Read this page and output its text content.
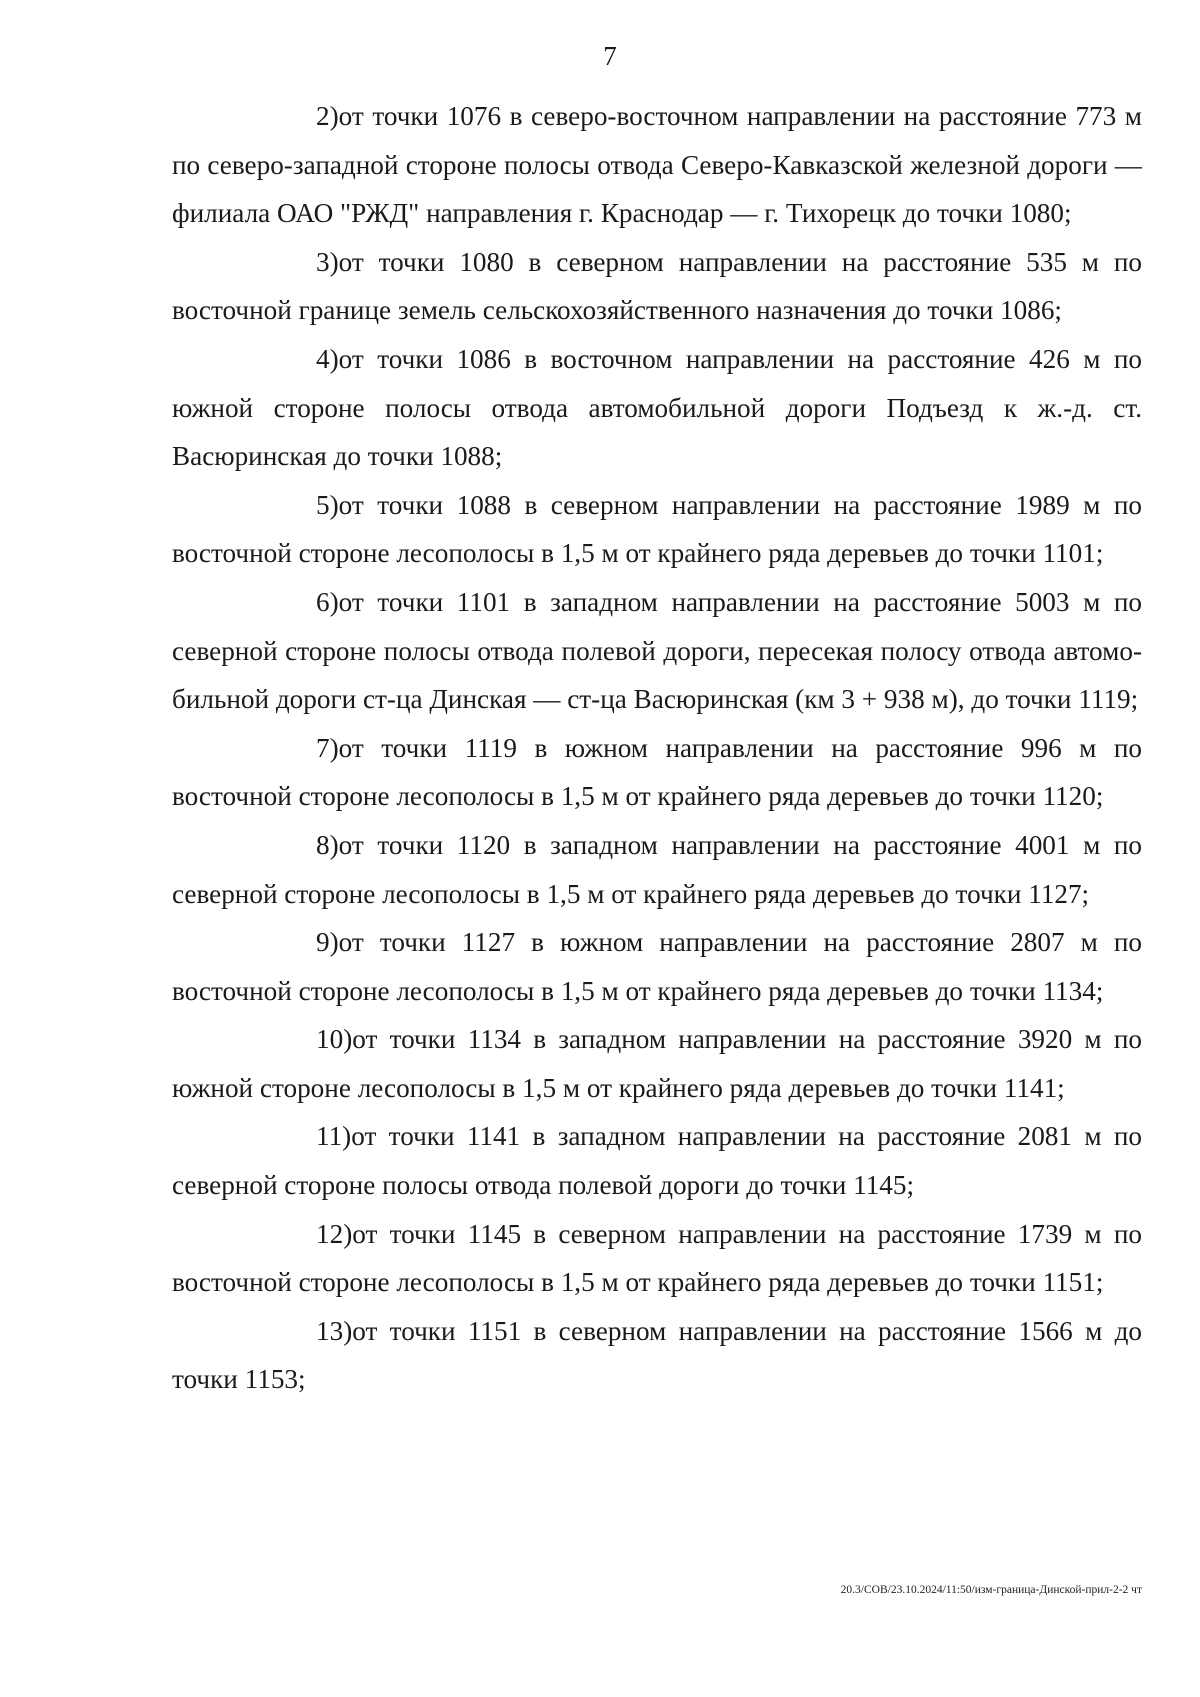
7

2)от точки 1076 в северо-восточном направлении на расстояние 773 м по северо-западной стороне полосы отвода Северо-Кавказской железной дороги — филиала ОАО "РЖД" направления г. Краснодар — г. Тихорецк до точки 1080;

3)от точки 1080 в северном направлении на расстояние 535 м по восточной границе земель сельскохозяйственного назначения до точки 1086;

4)от точки 1086 в восточном направлении на расстояние 426 м по южной стороне полосы отвода автомобильной дороги Подъезд к ж.-д. ст. Васюринская до точки 1088;

5)от точки 1088 в северном направлении на расстояние 1989 м по восточной стороне лесополосы в 1,5 м от крайнего ряда деревьев до точки 1101;

6)от точки 1101 в западном направлении на расстояние 5003 м по северной стороне полосы отвода полевой дороги, пересекая полосу отвода автомобильной дороги ст-ца Динская — ст-ца Васюринская (км 3 + 938 м), до точки 1119;

7)от точки 1119 в южном направлении на расстояние 996 м по восточной стороне лесополосы в 1,5 м от крайнего ряда деревьев до точки 1120;

8)от точки 1120 в западном направлении на расстояние 4001 м по северной стороне лесополосы в 1,5 м от крайнего ряда деревьев до точки 1127;

9)от точки 1127 в южном направлении на расстояние 2807 м по восточной стороне лесополосы в 1,5 м от крайнего ряда деревьев до точки 1134;

10)от точки 1134 в западном направлении на расстояние 3920 м по южной стороне лесополосы в 1,5 м от крайнего ряда деревьев до точки 1141;

11)от точки 1141 в западном направлении на расстояние 2081 м по северной стороне полосы отвода полевой дороги до точки 1145;

12)от точки 1145 в северном направлении на расстояние 1739 м по восточной стороне лесополосы в 1,5 м от крайнего ряда деревьев до точки 1151;

13)от точки 1151 в северном направлении на расстояние 1566 м до точки 1153;

20.3/СОВ/23.10.2024/11:50/изм-граница-Динской-прил-2-2 чт
